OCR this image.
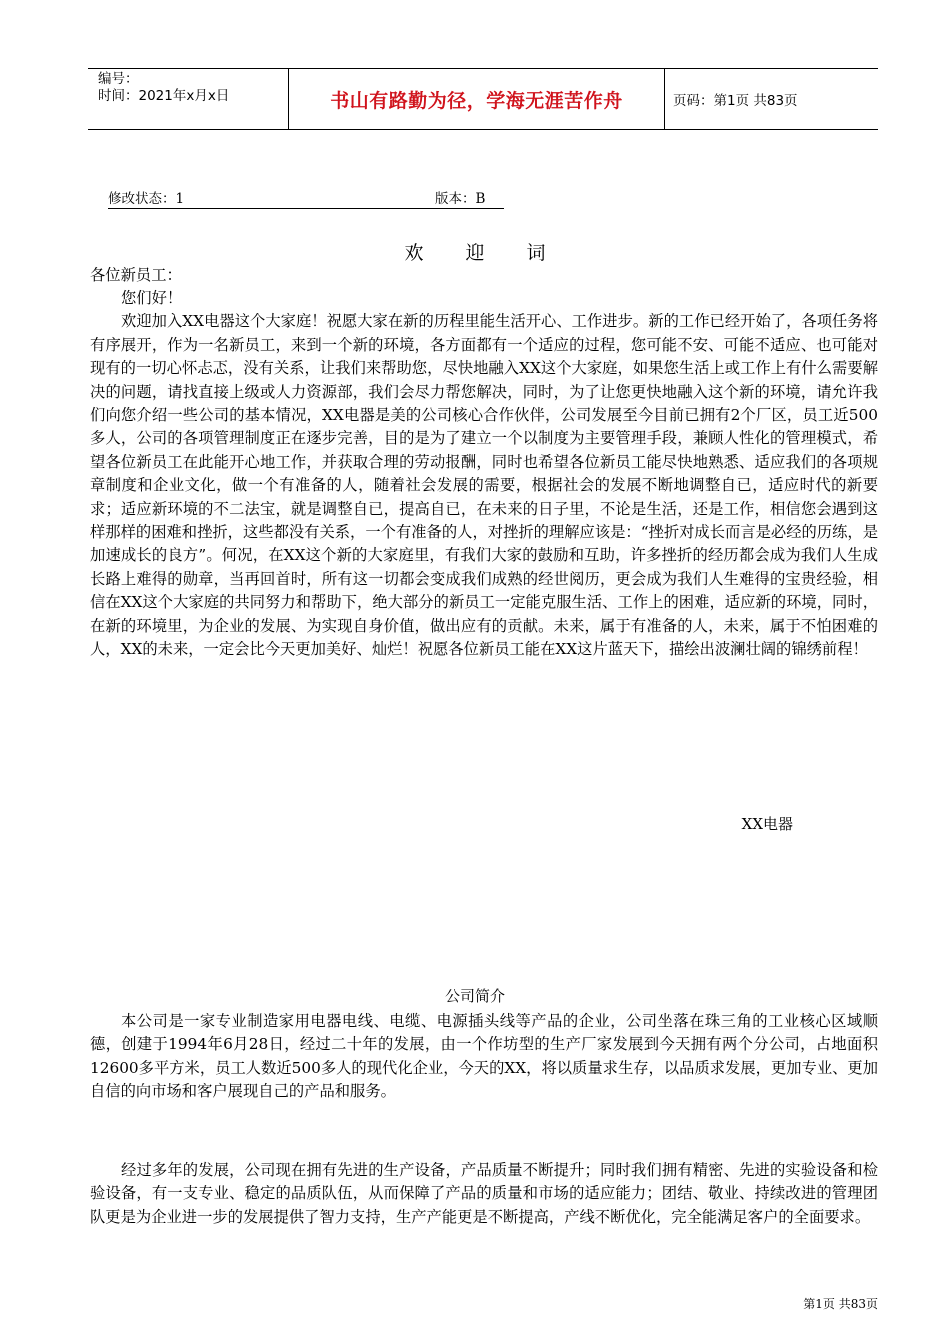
编号：
时间：2021年x月x日	书山有路勤为径，学海无涯苦作舟	页码：第1页 共83页
修改状态：1	版本：B
欢迎词
各位新员工：
您们好！
欢迎加入XX电器这个大家庭！祝愿大家在新的历程里能生活开心、工作进步。新的工作已经开始了，各项任务将有序展开，作为一名新员工，来到一个新的环境，各方面都有一个适应的过程，您可能不安、可能不适应、也可能对现有的一切心怀忐忑，没有关系，让我们来帮助您，尽快地融入XX这个大家庭，如果您生活上或工作上有什么需要解决的问题，请找直接上级或人力资源部，我们会尽力帮您解决，同时，为了让您更快地融入这个新的环境，请允许我们向您介绍一些公司的基本情况，XX电器是美的公司核心合作伙伴，公司发展至今目前已拥有2个厂区，员工近500多人，公司的各项管理制度正在逐步完善，目的是为了建立一个以制度为主要管理手段，兼顾人性化的管理模式，希望各位新员工在此能开心地工作，并获取合理的劳动报酬，同时也希望各位新员工能尽快地熟悉、适应我们的各项规章制度和企业文化，做一个有准备的人，随着社会发展的需要，根据社会的发展不断地调整自已，适应时代的新要求；适应新环境的不二法宝，就是调整自已，提高自已，在未来的日子里，不论是生活，还是工作，相信您会遇到这样那样的困难和挫折，这些都没有关系，一个有准备的人，对挫折的理解应该是：“挫折对成长而言是必经的历练，是加速成长的良方”。何况，在XX这个新的大家庭里，有我们大家的鼓励和互助，许多挫折的经历都会成为我们人生成长路上难得的勋章，当再回首时，所有这一切都会变成我们成熟的经世阅历，更会成为我们人生难得的宝贵经验，相信在XX这个大家庭的共同努力和帮助下，绝大部分的新员工一定能克服生活、工作上的困难，适应新的环境，同时，在新的环境里，为企业的发展、为实现自身价值，做出应有的贡献。未来，属于有准备的人，未来，属于不怕困难的人，XX的未来，一定会比今天更加美好、灿烂！祝愿各位新员工能在XX这片蓝天下，描绘出波澜壮阔的锦绣前程！
XX电器
公司简介
本公司是一家专业制造家用电器电线、电缆、电源插头线等产品的企业，公司坐落在珠三角的工业核心区域顺德，创建于1994年6月28日，经过二十年的发展，由一个作坊型的生产厂家发展到今天拥有两个分公司，占地面积12600多平方米，员工人数近500多人的现代化企业，今天的XX，将以质量求生存，以品质求发展，更加专业、更加自信的向市场和客户展现自己的产品和服务。
经过多年的发展，公司现在拥有先进的生产设备，产品质量不断提升；同时我们拥有精密、先进的实验设备和检验设备，有一支专业、稳定的品质队伍，从而保障了产品的质量和市场的适应能力；团结、敬业、持续改进的管理团队更是为企业进一步的发展提供了智力支持，生产产能更是不断提高，产线不断优化，完全能满足客户的全面要求。
第1页 共83页
